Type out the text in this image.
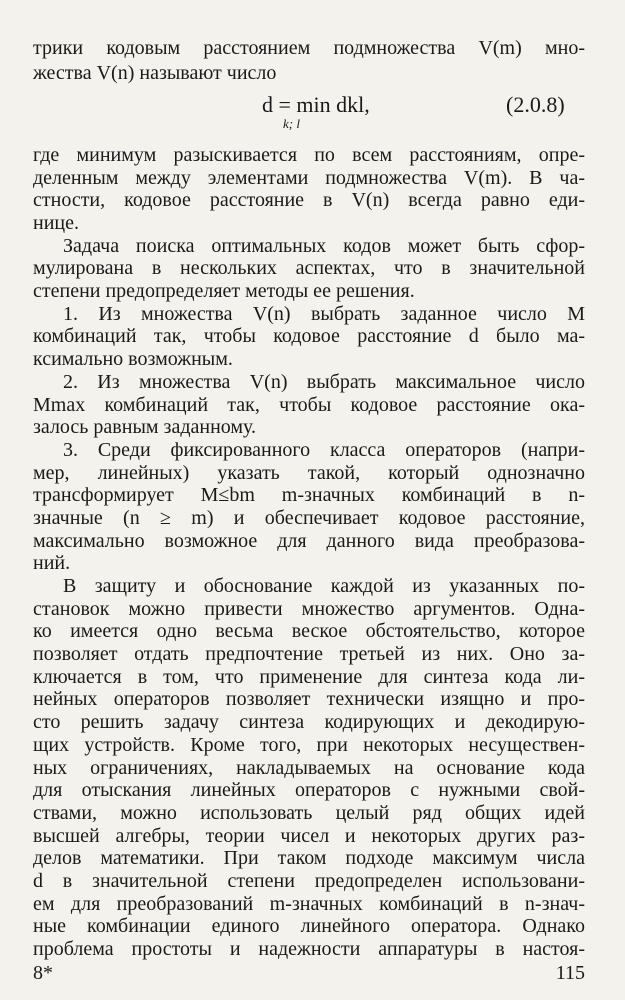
трики кодовым расстоянием подмножества V(m) мно-
жества V(n) называют число
d = min dkl,
k; l
(2.0.8)
где минимум разыскивается по всем расстояниям, опре-
деленным между элементами подмножества V(m). В ча-
стности, кодовое расстояние в V(n) всегда равно еди-
нице.
Задача поиска оптимальных кодов может быть сфор-
мулирована в нескольких аспектах, что в значительной
степени предопределяет методы ее решения.
1. Из множества V(n) выбрать заданное число M
комбинаций так, чтобы кодовое расстояние d было ма-
ксимально возможным.
2. Из множества V(n) выбрать максимальное число
Mmax комбинаций так, чтобы кодовое расстояние ока-
залось равным заданному.
3. Среди фиксированного класса операторов (напри-
мер, линейных) указать такой, который однозначно
трансформирует M≤bm m-значных комбинаций в n-
значные (n ≥ m) и обеспечивает кодовое расстояние,
максимально возможное для данного вида преобразова-
ний.
В защиту и обоснование каждой из указанных по-
становок можно привести множество аргументов. Одна-
ко имеется одно весьма веское обстоятельство, которое
позволяет отдать предпочтение третьей из них. Оно за-
ключается в том, что применение для синтеза кода ли-
нейных операторов позволяет технически изящно и про-
сто решить задачу синтеза кодирующих и декодирую-
щих устройств. Кроме того, при некоторых несуществен-
ных ограничениях, накладываемых на основание кода
для отыскания линейных операторов с нужными свой-
ствами, можно использовать целый ряд общих идей
высшей алгебры, теории чисел и некоторых других раз-
делов математики. При таком подходе максимум числа
d в значительной степени предопределен использовани-
ем для преобразований m-значных комбинаций в n-знач-
ные комбинации единого линейного оператора. Однако
проблема простоты и надежности аппаратуры в настоя-
8*	115
